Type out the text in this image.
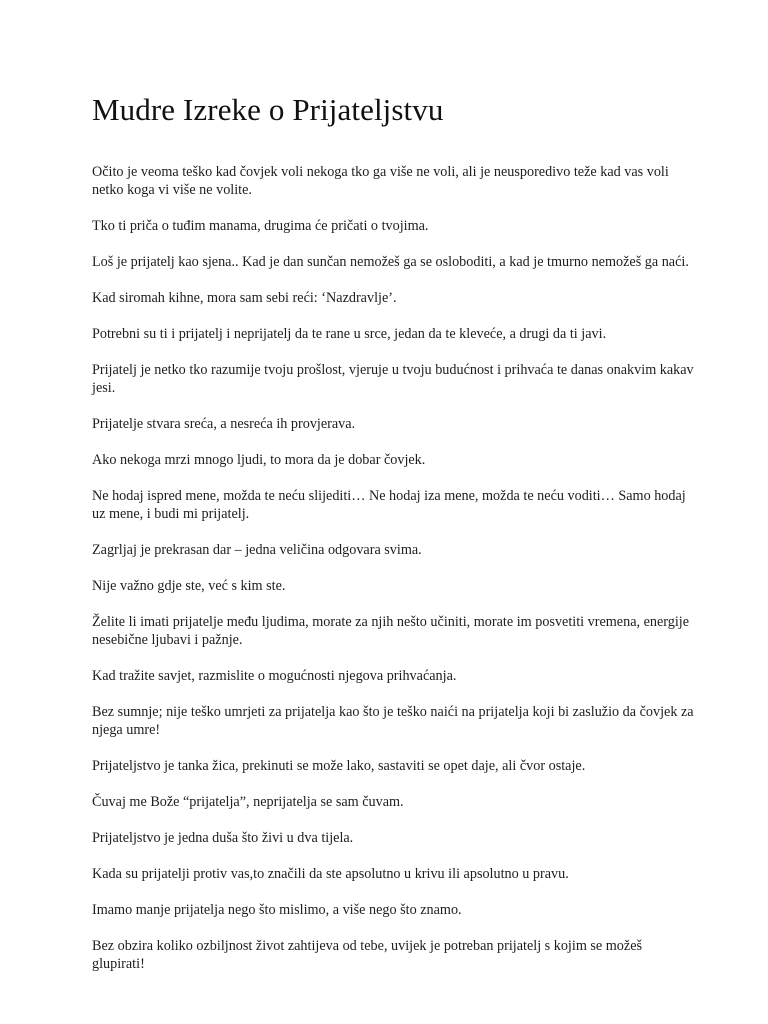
Mudre Izreke o Prijateljstvu

Očito je veoma teško kad čovjek voli nekoga tko ga više ne voli, ali je neusporedivo teže kad vas voli netko koga vi više ne volite.

Tko ti priča o tuđim manama, drugima će pričati o tvojima.

Loš je prijatelj kao sjena.. Kad je dan sunčan nemožeš ga se osloboditi, a kad je tmurno nemožeš ga naći.

Kad siromah kihne, mora sam sebi reći: ‘Nazdravlje’.

Potrebni su ti i prijatelj i neprijatelj da te rane u srce, jedan da te kleveće, a drugi da ti javi.

Prijatelj je netko tko razumije tvoju prošlost, vjeruje u tvoju budućnost i prihvaća te danas onakvim kakav jesi.

Prijatelje stvara sreća, a nesreća ih provjerava.

Ako nekoga mrzi mnogo ljudi, to mora da je dobar čovjek.

Ne hodaj ispred mene, možda te neću slijediti… Ne hodaj iza mene, možda te neću voditi… Samo hodaj uz mene, i budi mi prijatelj.

Zagrljaj je prekrasan dar – jedna veličina odgovara svima.

Nije važno gdje ste, već s kim ste.

Želite li imati prijatelje među ljudima, morate za njih nešto učiniti, morate im posvetiti vremena, energije nesebične ljubavi i pažnje.

Kad tražite savjet, razmislite o mogućnosti njegova prihvaćanja.

Bez sumnje; nije teško umrjeti za prijatelja kao što je teško naići na prijatelja koji bi zaslužio da čovjek za njega umre!

Prijateljstvo je tanka žica, prekinuti se može lako, sastaviti se opet daje, ali čvor ostaje.

Čuvaj me Bože “prijatelja”, neprijatelja se sam čuvam.

Prijateljstvo je jedna duša što živi u dva tijela.

Kada su prijatelji protiv vas,to značili da ste apsolutno u krivu ili apsolutno u pravu.

Imamo manje prijatelja nego što mislimo, a više nego što znamo.

Bez obzira koliko ozbiljnost život zahtijeva od tebe, uvijek je potreban prijatelj s kojim se možeš glupirati!
